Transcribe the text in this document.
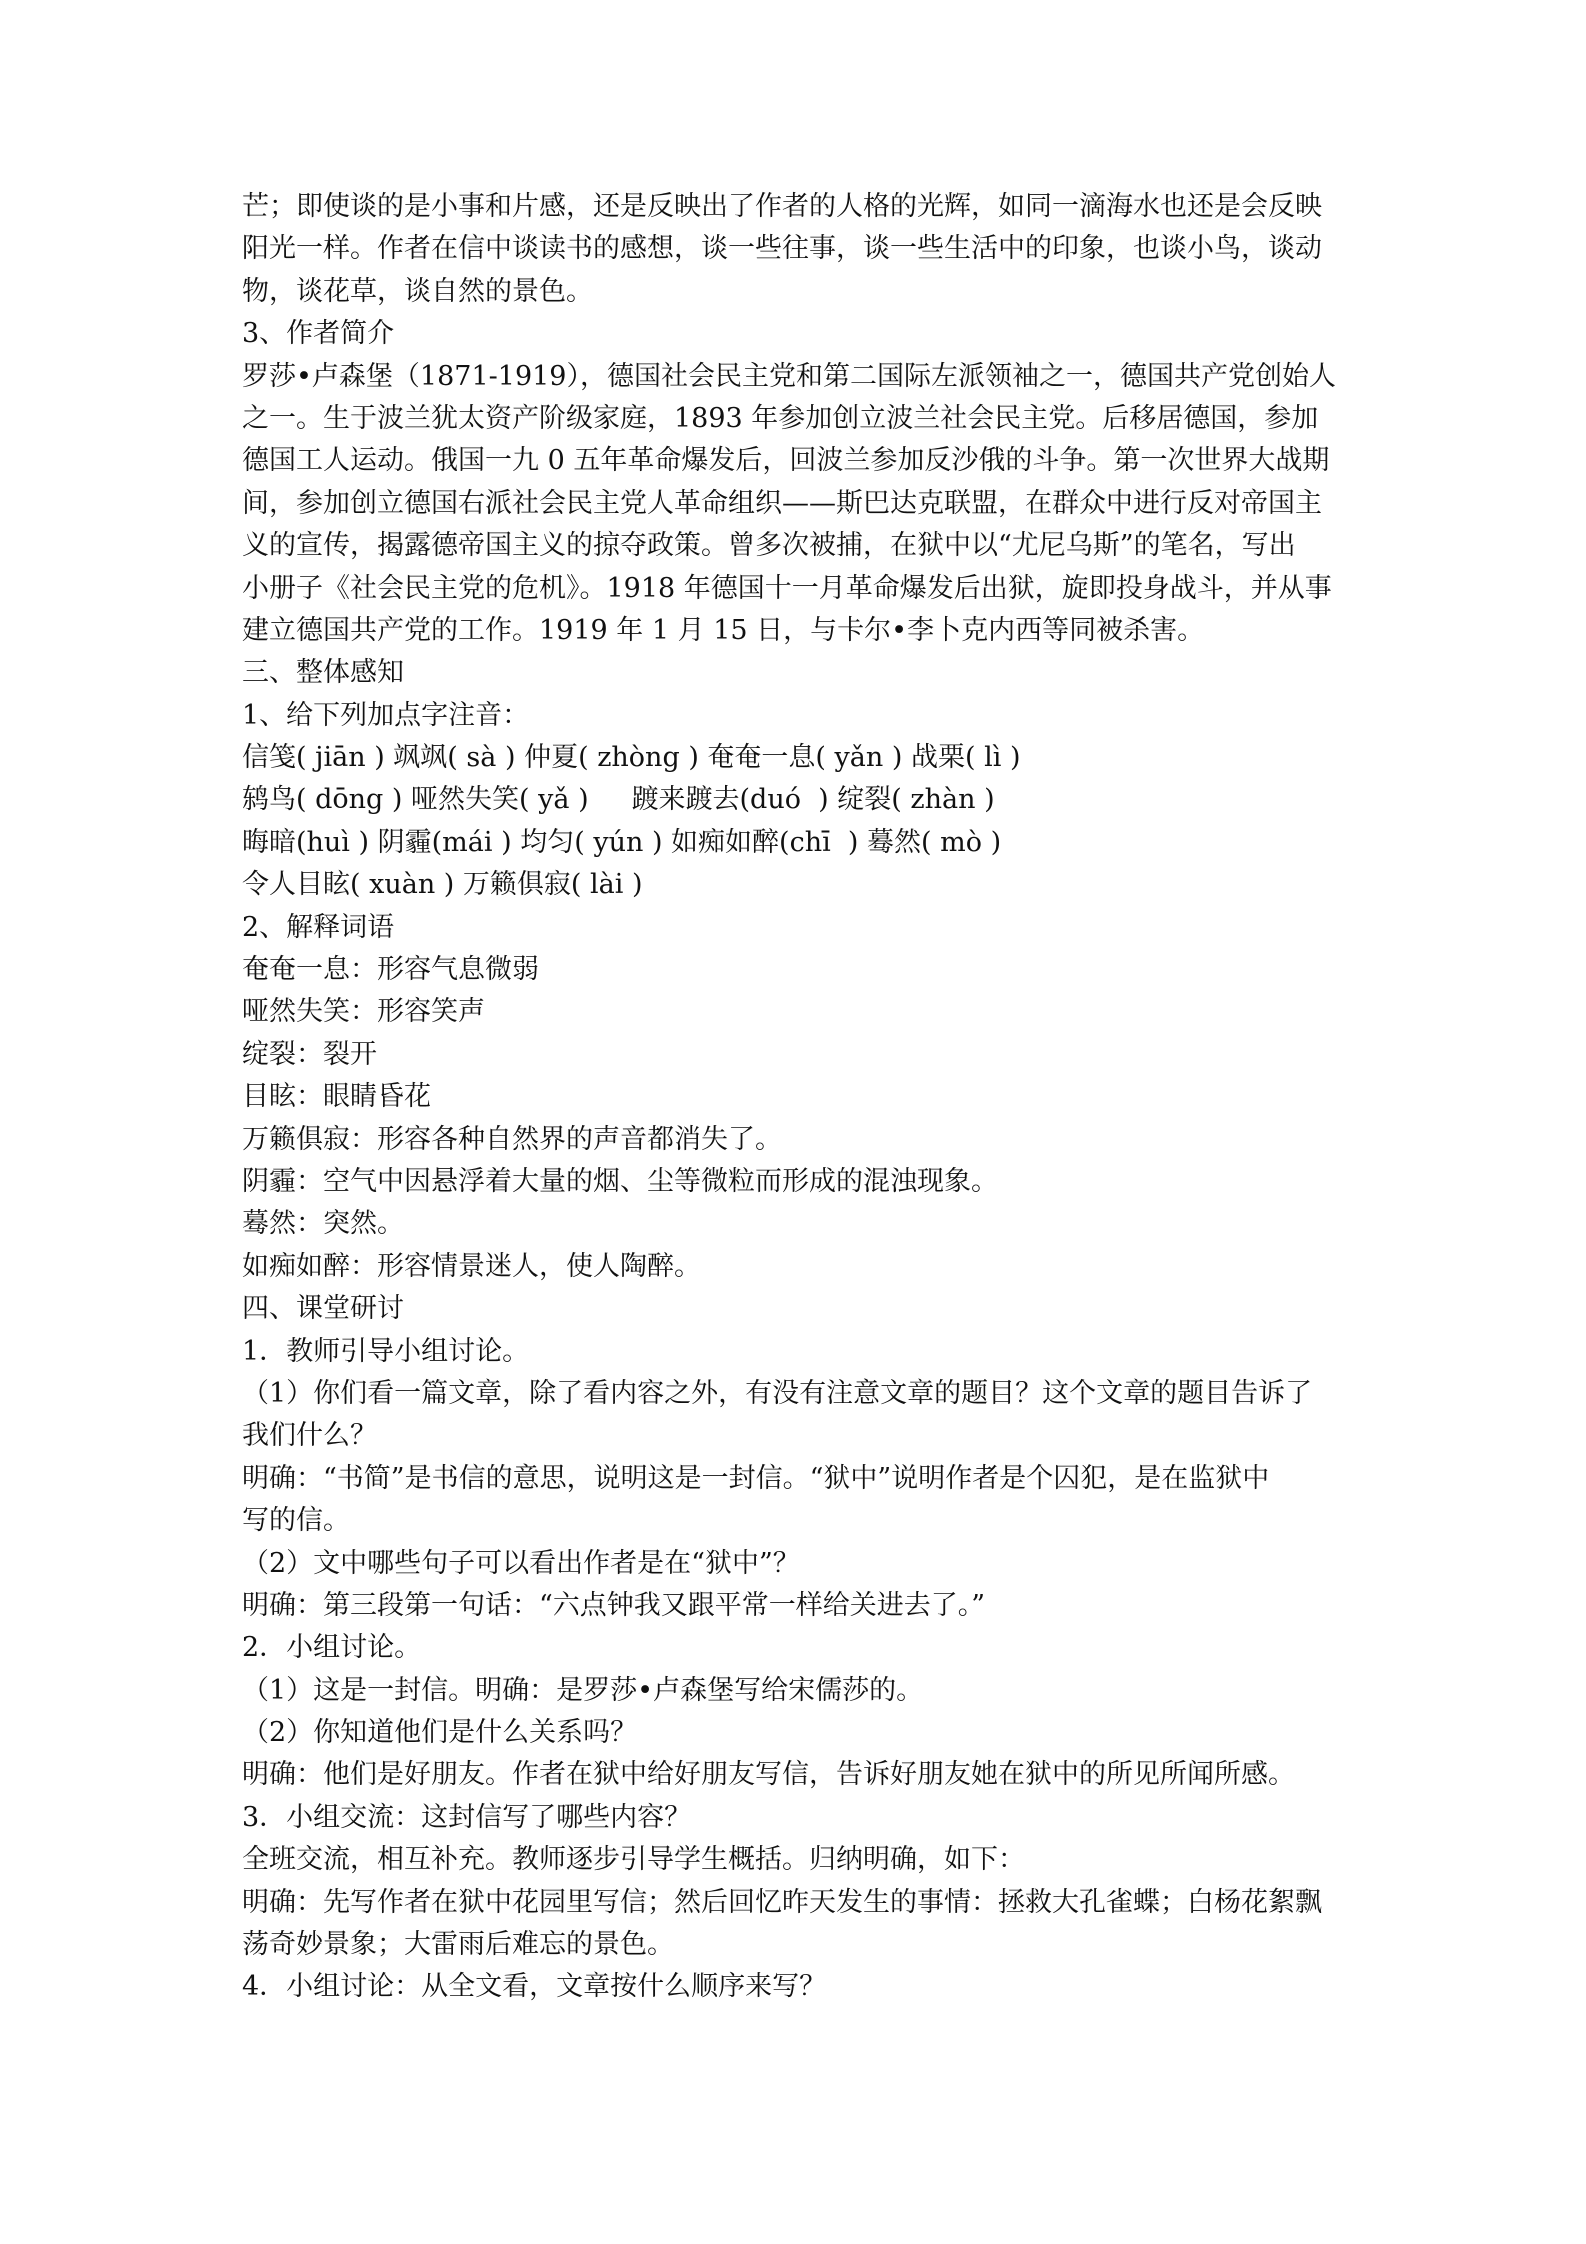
芒；即使谈的是小事和片感，还是反映出了作者的人格的光辉，如同一滴海水也还是会反映
阳光一样。作者在信中谈读书的感想，谈一些往事，谈一些生活中的印象，也谈小鸟，谈动
物，谈花草，谈自然的景色。
3、作者简介
罗莎•卢森堡（1871-1919），德国社会民主党和第二国际左派领袖之一，德国共产党创始人
之一。生于波兰犹太资产阶级家庭，1893 年参加创立波兰社会民主党。后移居德国，参加
德国工人运动。俄国一九 0 五年革命爆发后，回波兰参加反沙俄的斗争。第一次世界大战期
间，参加创立德国右派社会民主党人革命组织——斯巴达克联盟，在群众中进行反对帝国主
义的宣传，揭露德帝国主义的掠夺政策。曾多次被捕，在狱中以“尤尼乌斯”的笔名，写出
小册子《社会民主党的危机》。1918 年德国十一月革命爆发后出狱，旋即投身战斗，并从事
建立德国共产党的工作。1919 年 1 月 15 日，与卡尔•李卜克内西等同被杀害。
三、整体感知
1、给下列加点字注音：
信笺( jiān ) 飒飒( sà ) 仲夏( zhòng ) 奄奄一息( yǎn ) 战栗( lì )
鸫鸟( dōng ) 哑然失笑( yǎ )     踱来踱去(duó  ) 绽裂( zhàn )
晦暗(huì ) 阴霾(mái ) 均匀( yún ) 如痴如醉(chī  ) 蓦然( mò )
令人目眩( xuàn ) 万籁俱寂( lài )
2、解释词语
奄奄一息：形容气息微弱
哑然失笑：形容笑声
绽裂：裂开
目眩：眼睛昏花
万籁俱寂：形容各种自然界的声音都消失了。
阴霾：空气中因悬浮着大量的烟、尘等微粒而形成的混浊现象。
蓦然：突然。
如痴如醉：形容情景迷人，使人陶醉。
四、课堂研讨
1．教师引导小组讨论。
（1）你们看一篇文章，除了看内容之外，有没有注意文章的题目？这个文章的题目告诉了
我们什么？
明确：“书简”是书信的意思，说明这是一封信。“狱中”说明作者是个囚犯，是在监狱中
写的信。
（2）文中哪些句子可以看出作者是在“狱中”？
明确：第三段第一句话：“六点钟我又跟平常一样给关进去了。”
2．小组讨论。
（1）这是一封信。明确：是罗莎•卢森堡写给宋儒莎的。
（2）你知道他们是什么关系吗？
明确：他们是好朋友。作者在狱中给好朋友写信，告诉好朋友她在狱中的所见所闻所感。
3．小组交流：这封信写了哪些内容？
全班交流，相互补充。教师逐步引导学生概括。归纳明确，如下：
明确：先写作者在狱中花园里写信；然后回忆昨天发生的事情：拯救大孔雀蝶；白杨花絮飘
荡奇妙景象；大雷雨后难忘的景色。
4．小组讨论：从全文看，文章按什么顺序来写？
